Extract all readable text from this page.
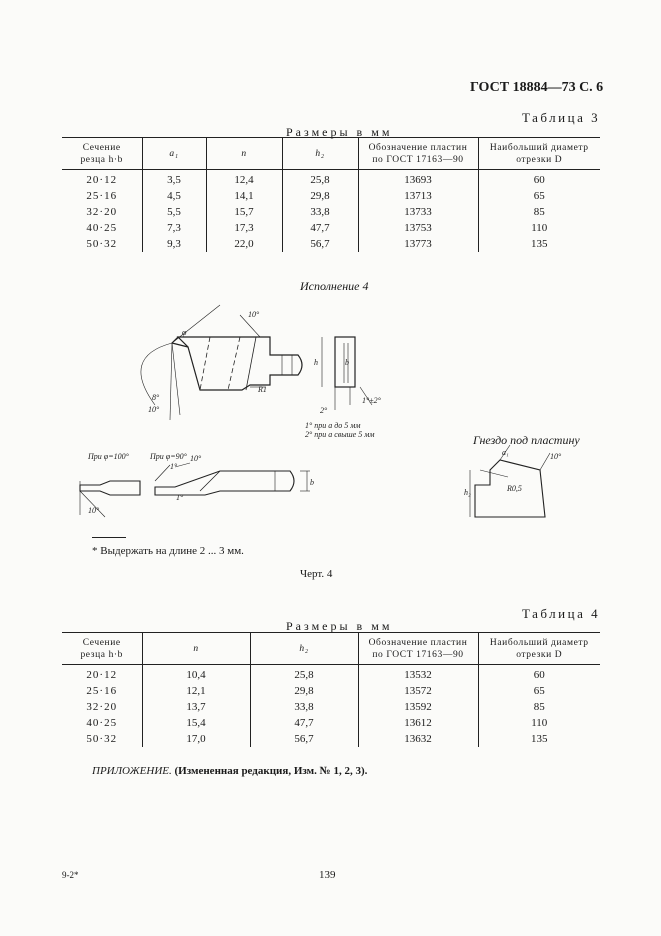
ГОСТ 18884—73 С. 6
Таблица 3
Размеры в мм
Сечение
резца h·b	a₁	n	h₂	Обозначение пластин
по ГОСТ 17163—90	Наибольший диаметр
отрезки D
20·12	3,5	12,4	25,8	13693	60
25·16	4,5	14,1	29,8	13713	65
32·20	5,5	15,7	33,8	13733	85
40·25	7,3	17,3	47,7	13753	110
50·32	9,3	22,0	56,7	13773	135
Исполнение 4
φ
10°
8°
10°
R1
h
2°
1°±2°
1° при a до 5 мм
2° при a свыше 5 мм
При φ=100°	При φ=90°
1°
10°
10°
1°
b
b
h₂
a₁
R0,5
10°
Гнездо под пластину
* Выдержать на длине 2 ... 3 мм.
Черт. 4
Таблица 4
Размеры в мм
Сечение
резца h·b	n	h₂	Обозначение пластин
по ГОСТ 17163—90	Наибольший диаметр
отрезки D
20·12	10,4	25,8	13532	60
25·16	12,1	29,8	13572	65
32·20	13,7	33,8	13592	85
40·25	15,4	47,7	13612	110
50·32	17,0	56,7	13632	135
ПРИЛОЖЕНИЕ. (Измененная редакция, Изм. № 1, 2, 3).
9-2*	139
